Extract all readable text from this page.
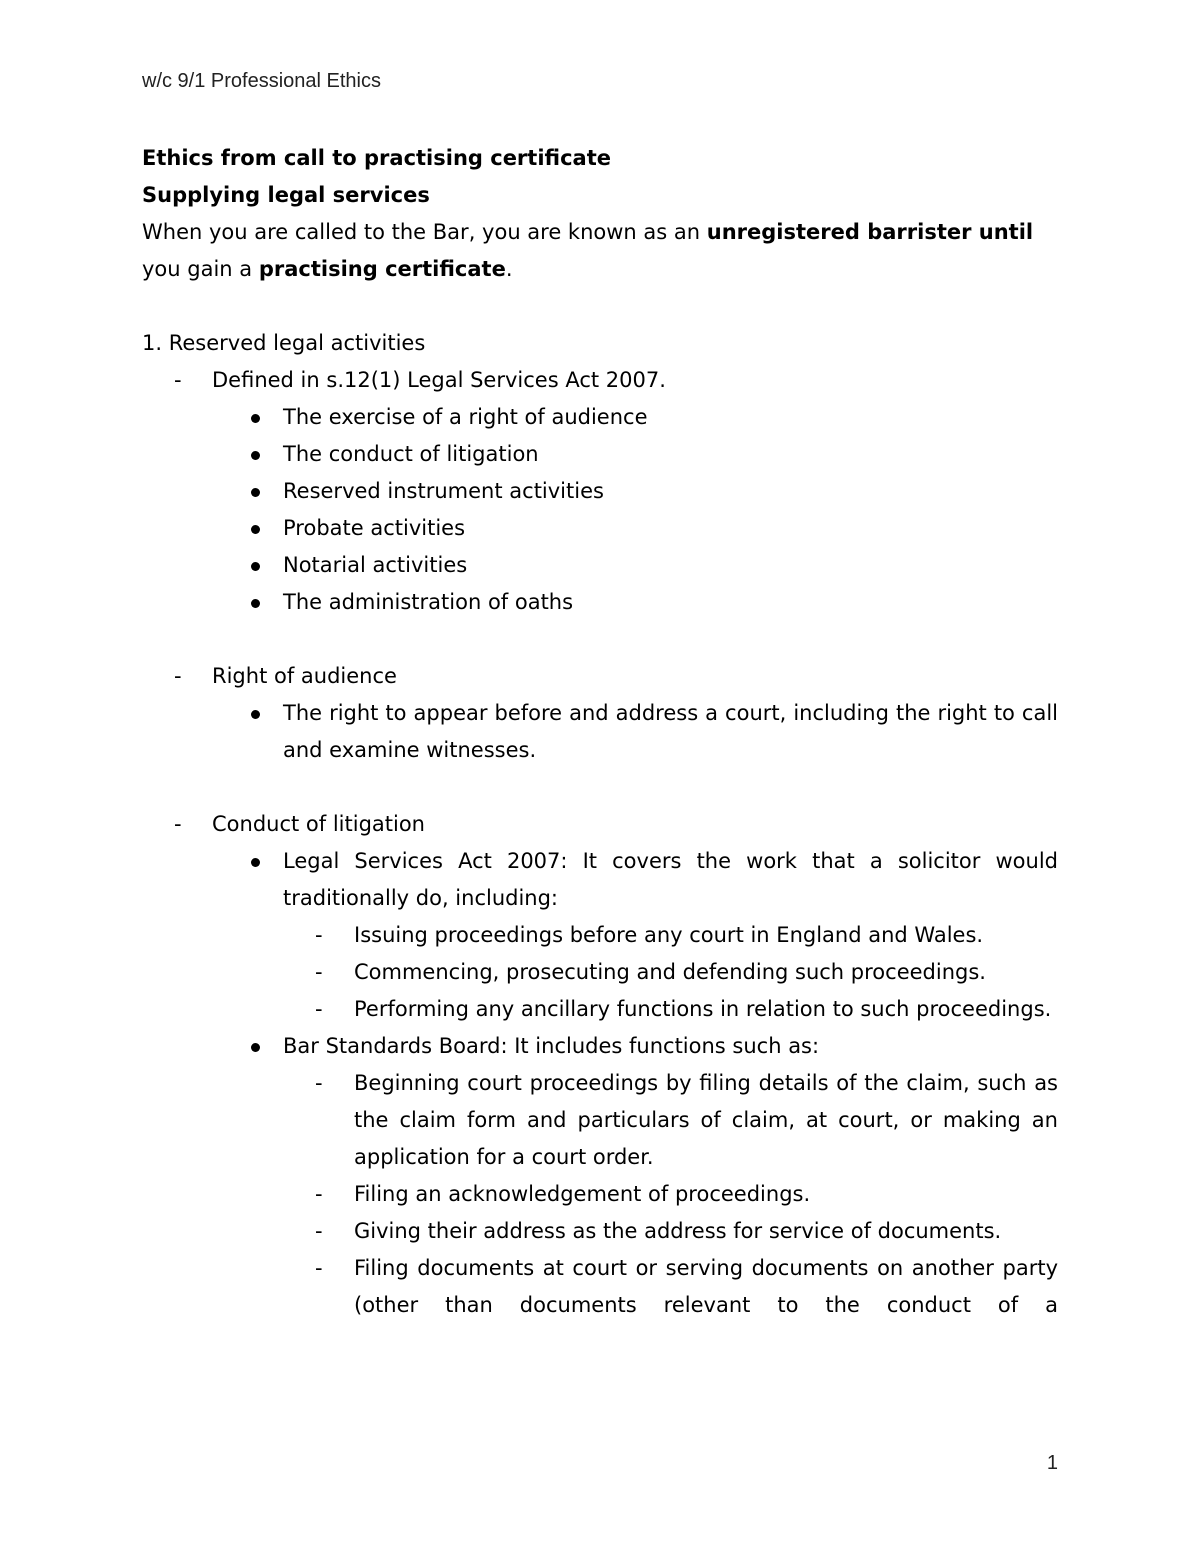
w/c 9/1 Professional Ethics

Ethics from call to practising certificate

Supplying legal services

When you are called to the Bar, you are known as an unregistered barrister until

you gain a practising certificate.

1. Reserved legal activities

- Defined in s.12(1) Legal Services Act 2007.
The exercise of a right of audience
The conduct of litigation
Reserved instrument activities
Probate activities
Notarial activities
The administration of oaths
- Right of audience
The right to appear before and address a court, including the right to call and examine witnesses.
- Conduct of litigation
Legal Services Act 2007: It covers the work that a solicitor would traditionally do, including:
- Issuing proceedings before any court in England and Wales.
- Commencing, prosecuting and defending such proceedings.
- Performing any ancillary functions in relation to such proceedings.
Bar Standards Board: It includes functions such as:
- Beginning court proceedings by filing details of the claim, such as the claim form and particulars of claim, at court, or making an application for a court order.
- Filing an acknowledgement of proceedings.
- Giving their address as the address for service of documents.
- Filing documents at court or serving documents on another party (other than documents relevant to the conduct of a
1
